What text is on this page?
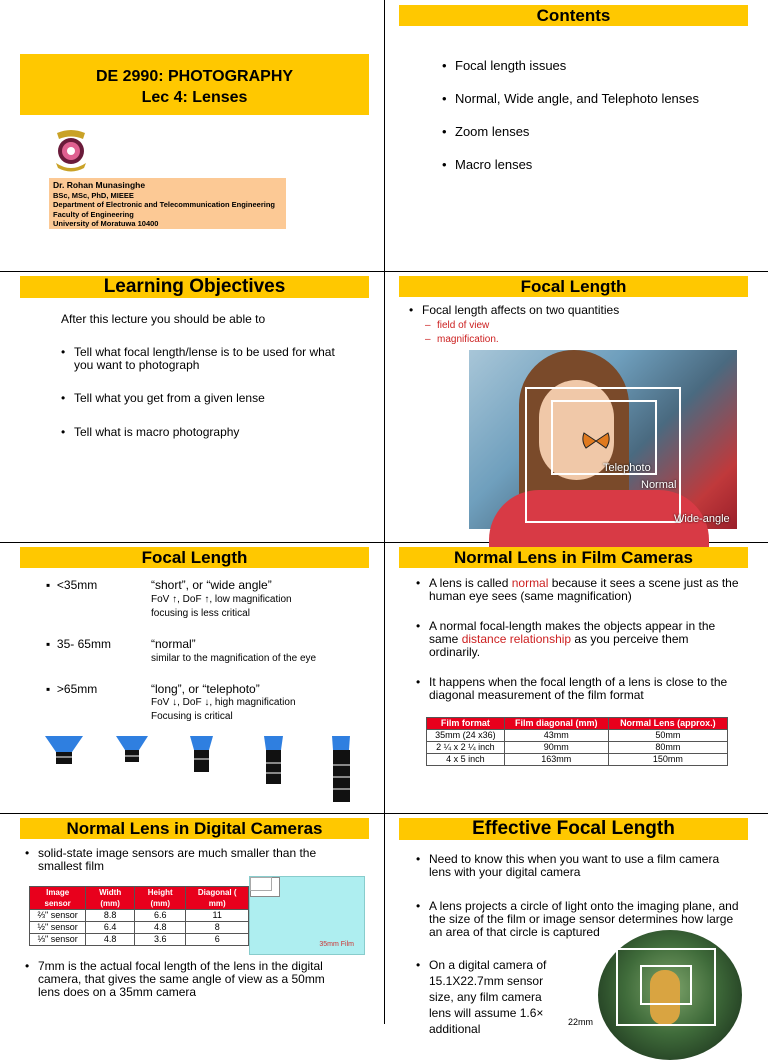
DE 2990: PHOTOGRAPHY
Lec 4: Lenses
Dr. Rohan Munasinghe
BSc, MSc, PhD, MIEEE
Department of Electronic and Telecommunication Engineering
Faculty of Engineering
University of Moratuwa 10400
Contents
• Focal length issues
• Normal, Wide angle, and Telephoto lenses
• Zoom lenses
• Macro lenses
Learning Objectives
After this lecture you should be able to
• Tell what focal length/lense is to be used for what you want to photograph
• Tell what you get from a given lense
• Tell what is macro photography
Focal Length
• Focal length affects on two quantities
– field of view
– magnification.
Telephoto
Normal
Wide-angle
Focal Length
▪  <35mm	“short”, or “wide angle”
FoV ↑, DoF ↑, low magnification
focusing is less critical
▪  35- 65mm	“normal”
similar to the magnification of the eye
▪  >65mm	“long”, or “telephoto”
FoV ↓, DoF ↓, high magnification
Focusing is critical
Normal Lens in Film Cameras
• A lens is called normal because it sees a scene just as the human eye sees (same magnification)
• A normal focal-length makes the objects appear in the same distance relationship as you perceive them ordinarily.
• It happens when the focal length of a lens is close to the diagonal measurement of the film format
Film format	Film diagonal (mm)	Normal Lens (approx.)
35mm (24 x36)	43mm	50mm
2 ¼ x 2 ¼ inch	90mm	80mm
4 x 5 inch	163mm	150mm
Normal Lens in Digital Cameras
• solid-state image sensors are much smaller than the smallest film
Image sensor	Width (mm)	Height (mm)	Diagonal ( mm)
⅔" sensor	8.8	6.6	11
½" sensor	6.4	4.8	8
⅓" sensor	4.8	3.6	6
35mm Film
• 7mm is the actual focal length of the lens in the digital camera, that gives the same angle of view as a 50mm lens does on a 35mm camera
Effective Focal Length
• Need to know this when you want to use a film camera lens with your digital camera
• A lens projects a circle of light onto the imaging plane, and the size of the film or image sensor determines how large an area of that circle is captured
• On a digital camera of 15.1X22.7mm sensor size, any film camera lens will assume 1.6× additional	22mm
